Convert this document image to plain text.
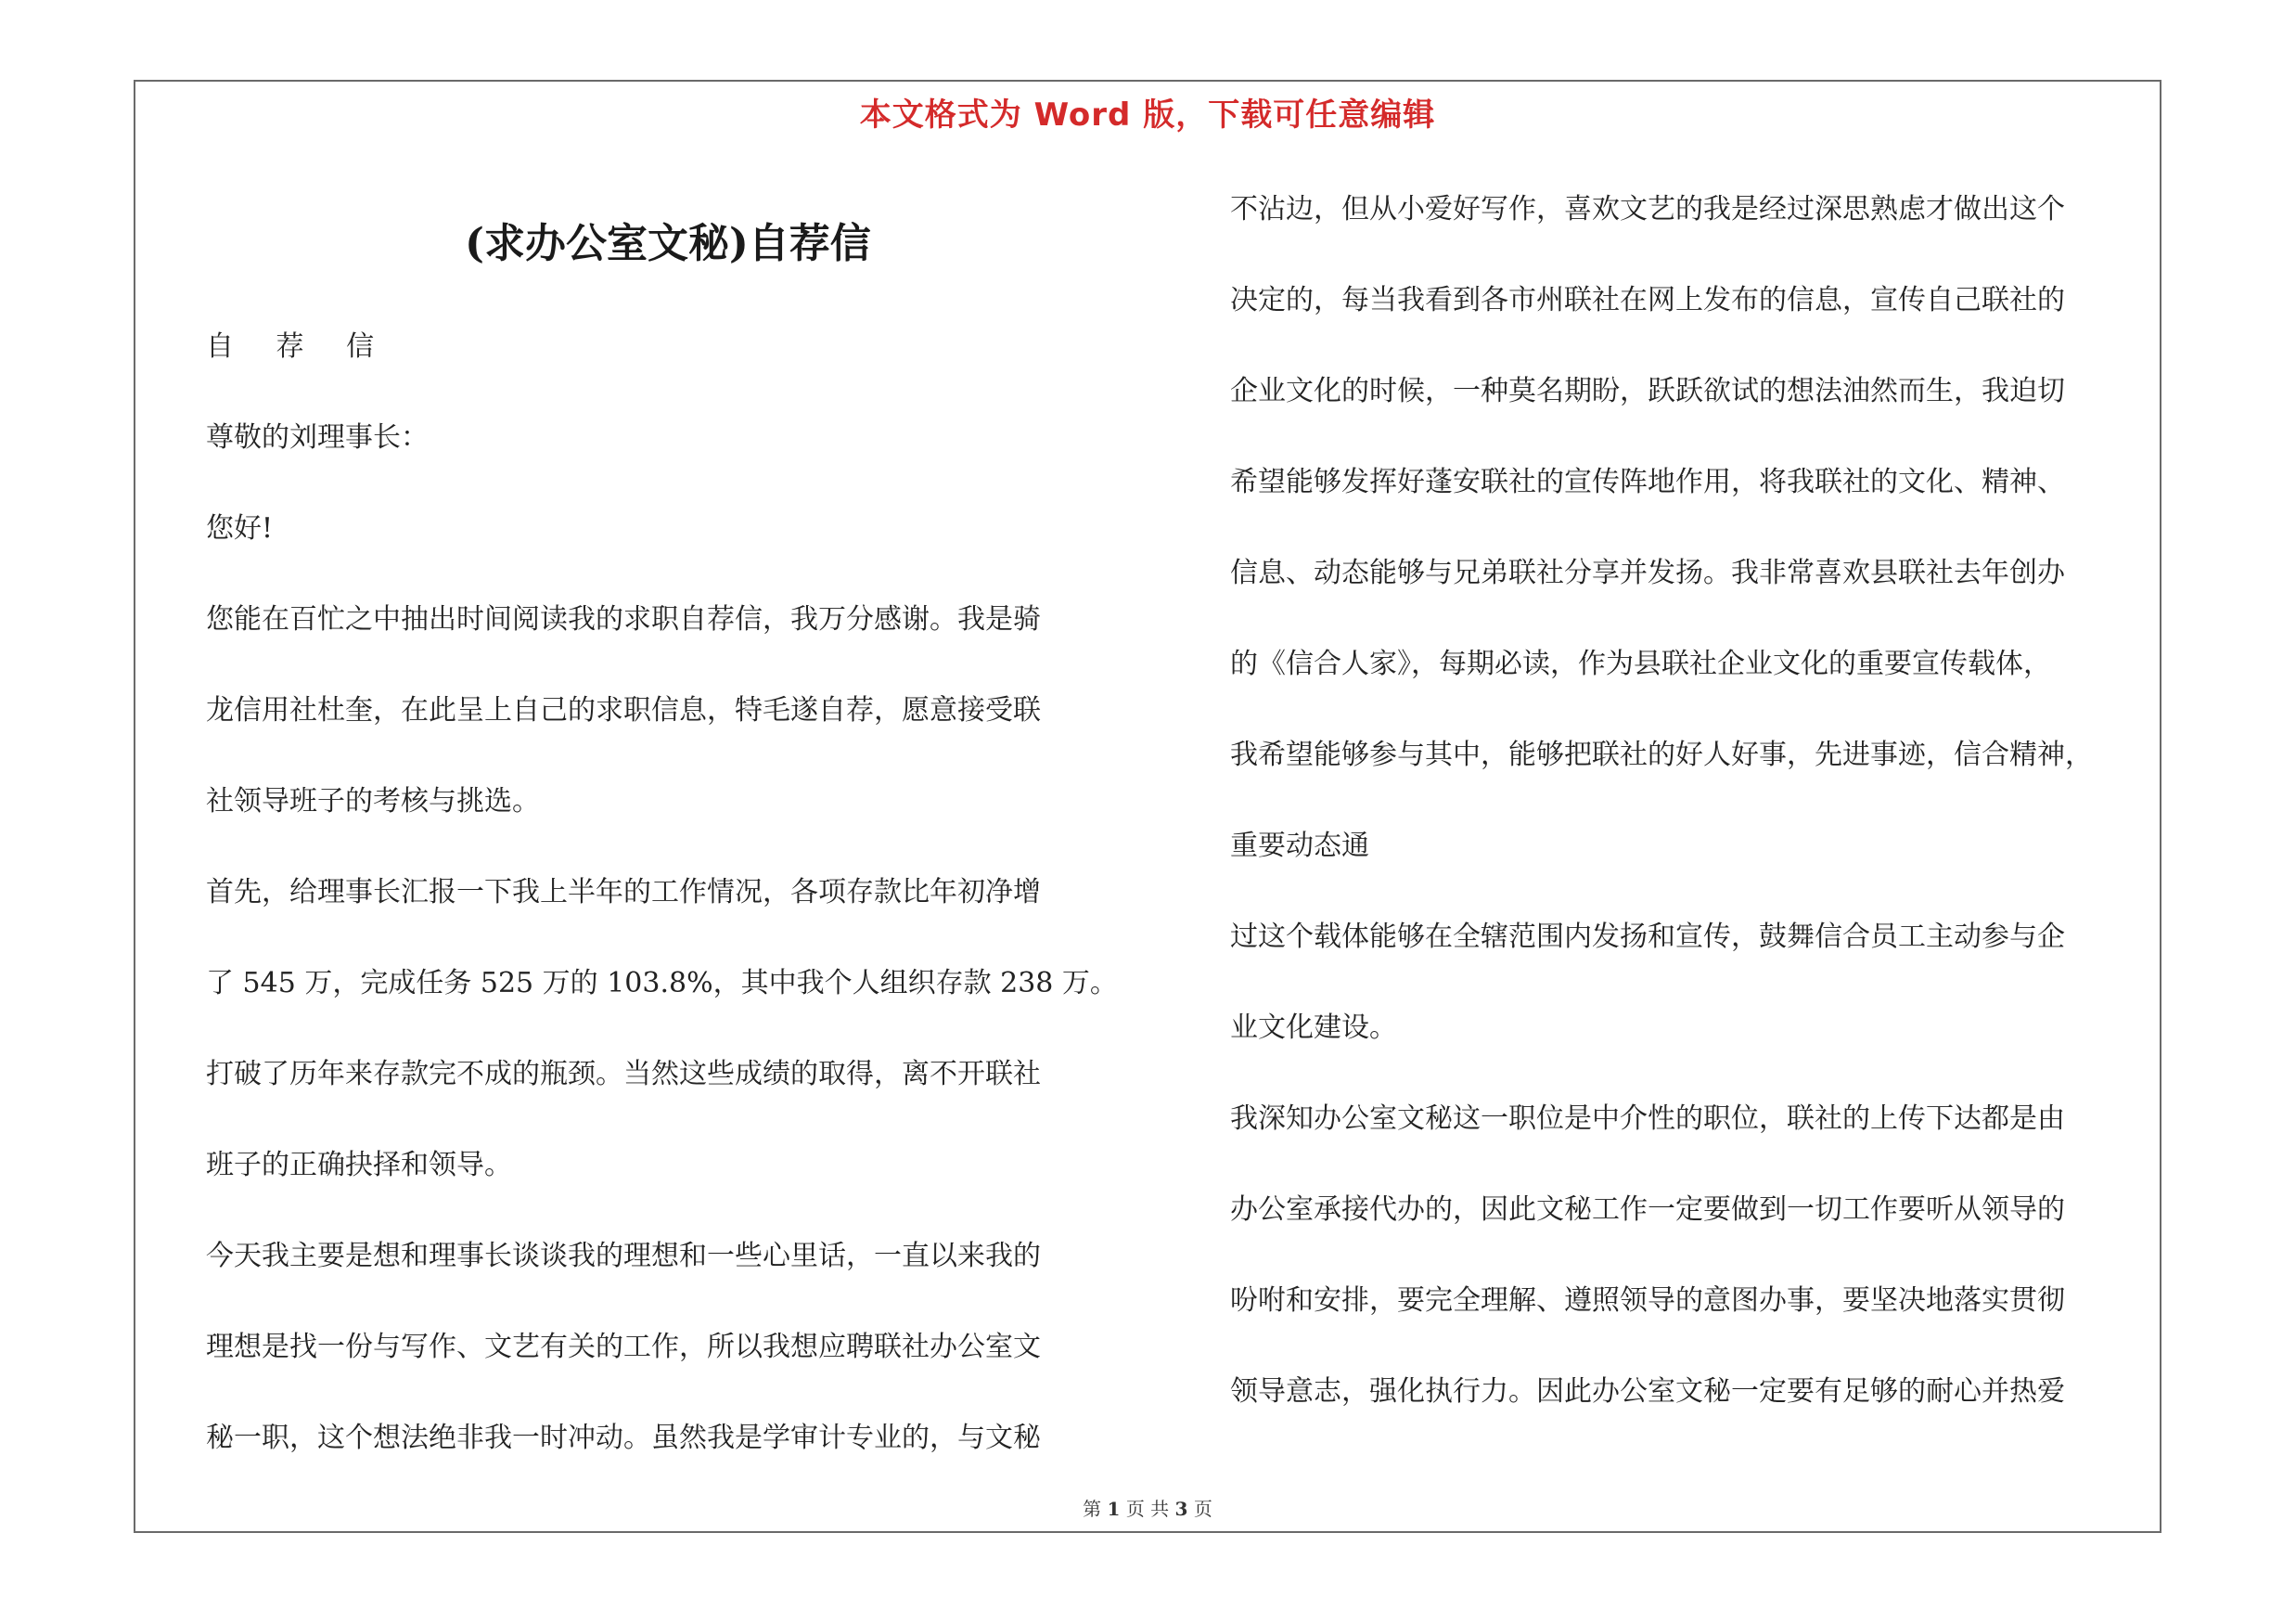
本文格式为 Word 版，下载可任意编辑
(求办公室文秘)自荐信
自 荐 信
尊敬的刘理事长：
您好!
您能在百忙之中抽出时间阅读我的求职自荐信，我万分感谢。我是骑
龙信用社杜奎，在此呈上自己的求职信息，特毛遂自荐，愿意接受联
社领导班子的考核与挑选。
首先，给理事长汇报一下我上半年的工作情况，各项存款比年初净增
了 545 万，完成任务 525 万的 103.8%，其中我个人组织存款 238 万。
打破了历年来存款完不成的瓶颈。当然这些成绩的取得，离不开联社
班子的正确抉择和领导。
今天我主要是想和理事长谈谈我的理想和一些心里话，一直以来我的
理想是找一份与写作、文艺有关的工作，所以我想应聘联社办公室文
秘一职，这个想法绝非我一时冲动。虽然我是学审计专业的，与文秘
不沾边，但从小爱好写作，喜欢文艺的我是经过深思熟虑才做出这个
决定的，每当我看到各市州联社在网上发布的信息，宣传自己联社的
企业文化的时候，一种莫名期盼，跃跃欲试的想法油然而生，我迫切
希望能够发挥好蓬安联社的宣传阵地作用，将我联社的文化、精神、
信息、动态能够与兄弟联社分享并发扬。我非常喜欢县联社去年创办
的《信合人家》，每期必读，作为县联社企业文化的重要宣传载体，
我希望能够参与其中，能够把联社的好人好事，先进事迹，信合精神，
重要动态通
过这个载体能够在全辖范围内发扬和宣传，鼓舞信合员工主动参与企
业文化建设。
我深知办公室文秘这一职位是中介性的职位，联社的上传下达都是由
办公室承接代办的，因此文秘工作一定要做到一切工作要听从领导的
吩咐和安排，要完全理解、遵照领导的意图办事，要坚决地落实贯彻
领导意志，强化执行力。因此办公室文秘一定要有足够的耐心并热爱
第 1 页 共 3 页
